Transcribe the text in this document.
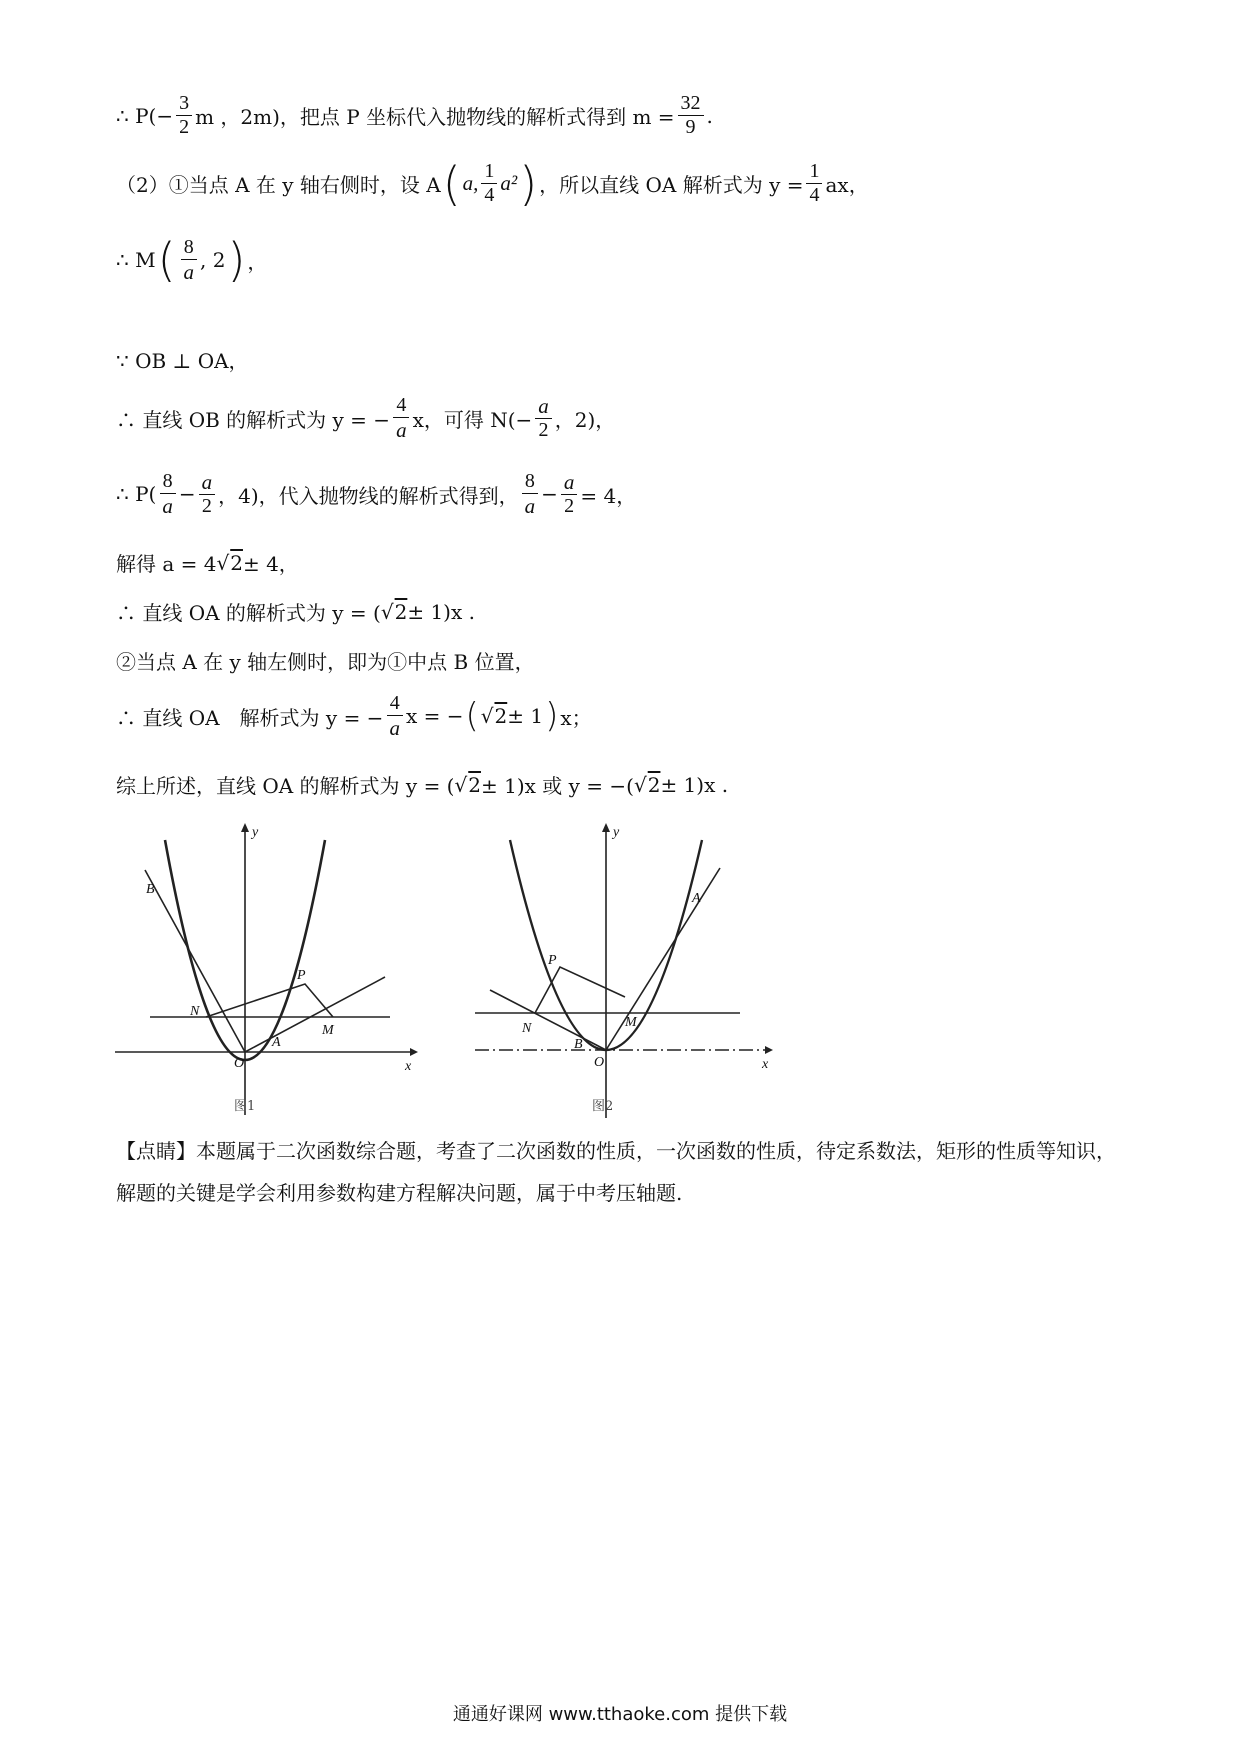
∴ $P(- \frac{3}{2}$ m ，2m)，把点 P 坐标代入抛物线的解析式得到 $m = \frac{32}{9}$ .
（2）①当点 A 在 y 轴右侧时，设 A ( a, $\frac{1}{4} a^2$ ) ，所以直线 OA 解析式为 $y = \frac{1}{4}$ ax，
∴ M ( $\frac{8}{a}$ , 2 ) ，
∵ OB ⊥ OA，
∴ 直线 OB 的解析式为 y = − $\frac{4}{a}$ x，可得 $N(- \frac{a}{2}$ ，2)，
∴ $P( \frac{8}{a} - \frac{a}{2}$ ，4)，代入抛物线的解析式得到， $\frac{8}{a} - \frac{a}{2} = 4$，
解得 a = 4 √ 2 ± 4，
∴ 直线 OA 的解析式为 y = ( √ 2 ± 1)x .
②当点 A 在 y 轴左侧时，即为①中点 B 位置，
∴ 直线 OA　解析式为 y = − $\frac{4}{a}$ x = − ( √ 2 ± 1 ) x；
综上所述，直线 OA 的解析式为 y = ( √ 2 ± 1)x 或 y = −( √ 2 ± 1)x .
B
N
P
M
A
O	x
y
图1
A
P
N	M
B
O	x
y
图2
【点睛】本题属于二次函数综合题，考查了二次函数的性质，一次函数的性质，待定系数法，矩形的性质等知识，解题的关键是学会利用参数构建方程解决问题，属于中考压轴题.
通通好课网 www.tthaoke.com 提供下载
